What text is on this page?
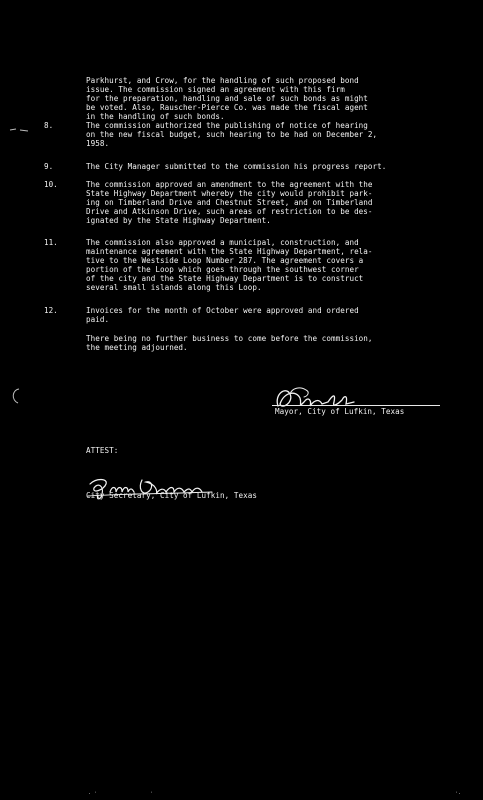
Parkhurst, and Crow, for the handling of such proposed bond
issue. The commission signed an agreement with this firm
for the preparation, handling and sale of such bonds as might
be voted. Also, Rauscher-Pierce Co. was made the fiscal agent
in the handling of such bonds.
8.	The commission authorized the publishing of notice of hearing
on the new fiscal budget, such hearing to be had on December 2,
1958.
9.	The City Manager submitted to the commission his progress report.
10.	The commission approved an amendment to the agreement with the
State Highway Department whereby the city would prohibit park-
ing on Timberland Drive and Chestnut Street, and on Timberland
Drive and Atkinson Drive, such areas of restriction to be des-
ignated by the State Highway Department.
11.	The commission also approved a municipal, construction, and
maintenance agreement with the State Highway Department, rela-
tive to the Westside Loop Number 287. The agreement covers a
portion of the Loop which goes through the southwest corner
of the city and the State Highway Department is to construct
several small islands along this Loop.
12.	Invoices for the month of October were approved and ordered
paid.
There being no further business to come before the commission,
the meeting adjourned.
Mayor, City of Lufkin, Texas
ATTEST:
City Secretary, City of Lufkin, Texas
. ·	·	·.
